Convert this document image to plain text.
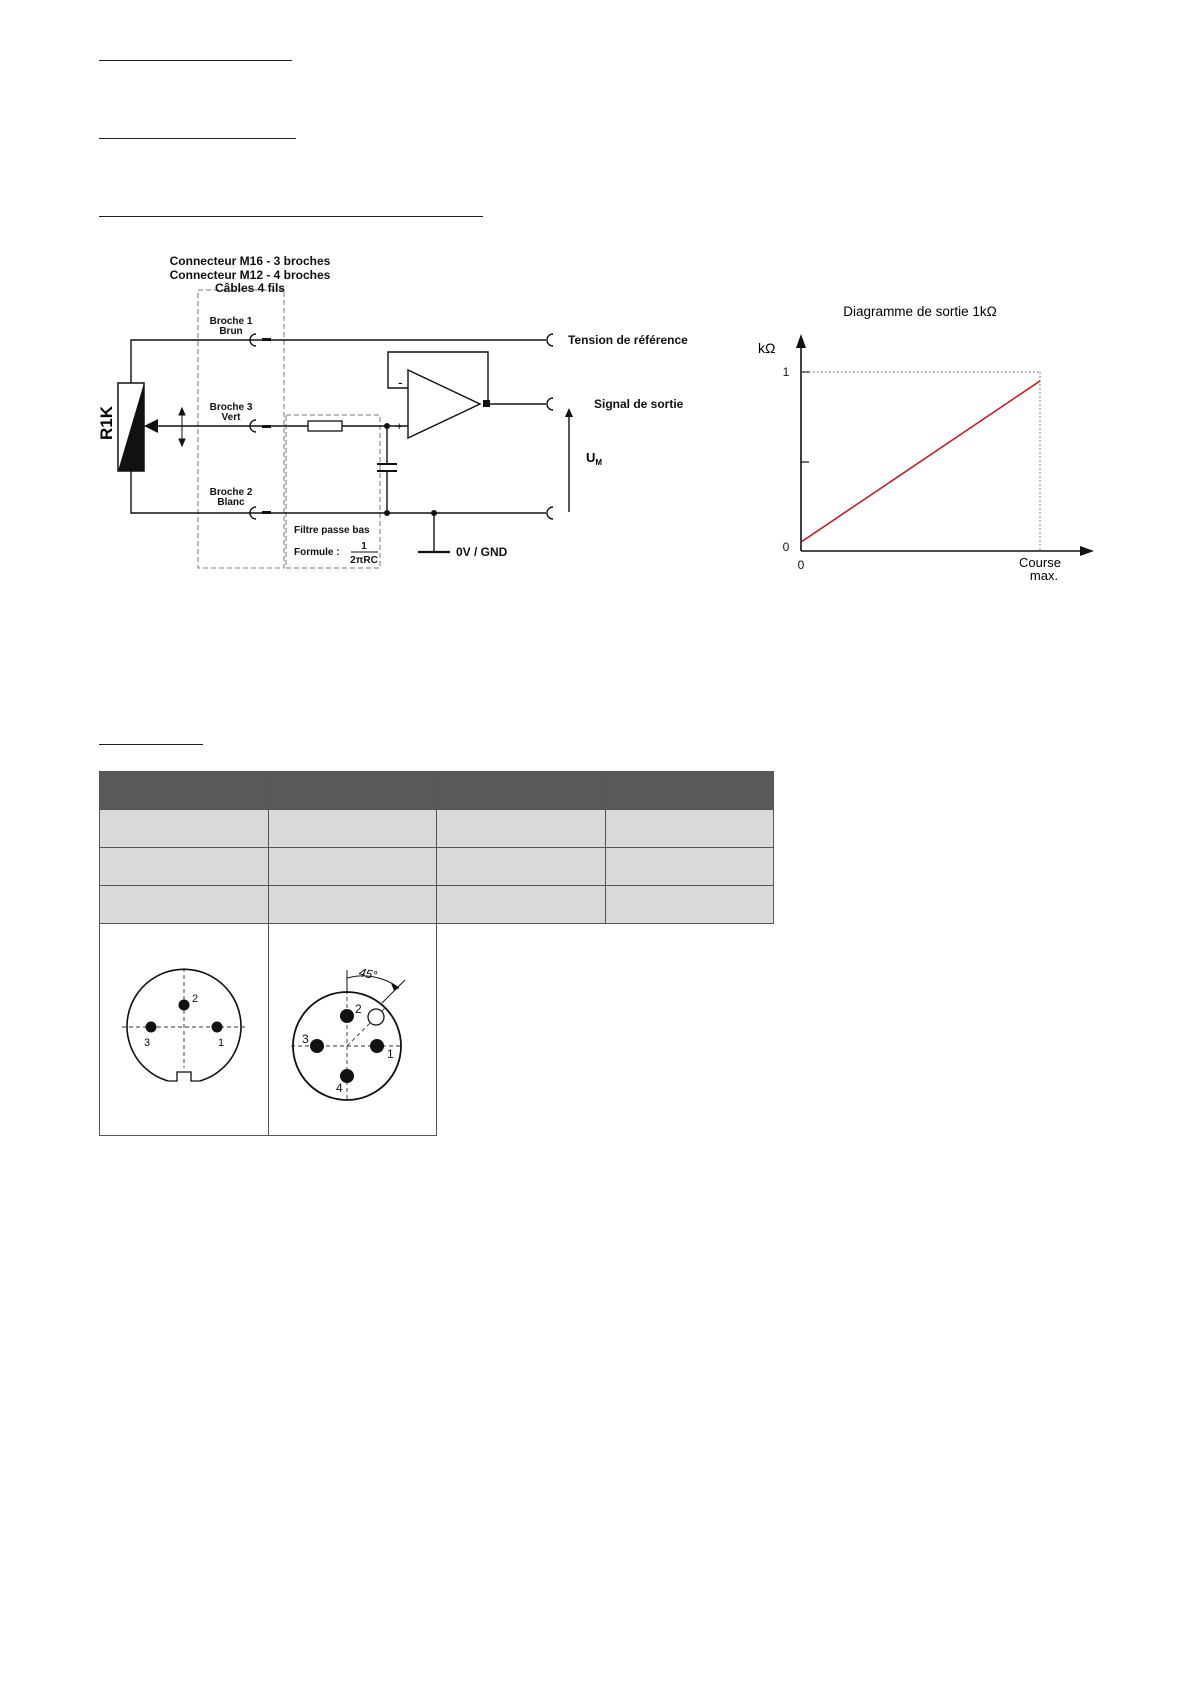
Connecteur M16 - 3 broches
Connecteur M12 - 4 broches
Câbles 4 fils
R1K
Broche 1
Brun
Broche 3
Vert
Broche 2
Blanc
-
+
Tension de référence
Signal de sortie
0V / GND
$U_M$
Filtre passe bas
Formule :
1
2πRC
Diagramme de sortie 1kΩ
kΩ
0
1
0	Course
max.

2
3 1	2
3
1
4
45°		
